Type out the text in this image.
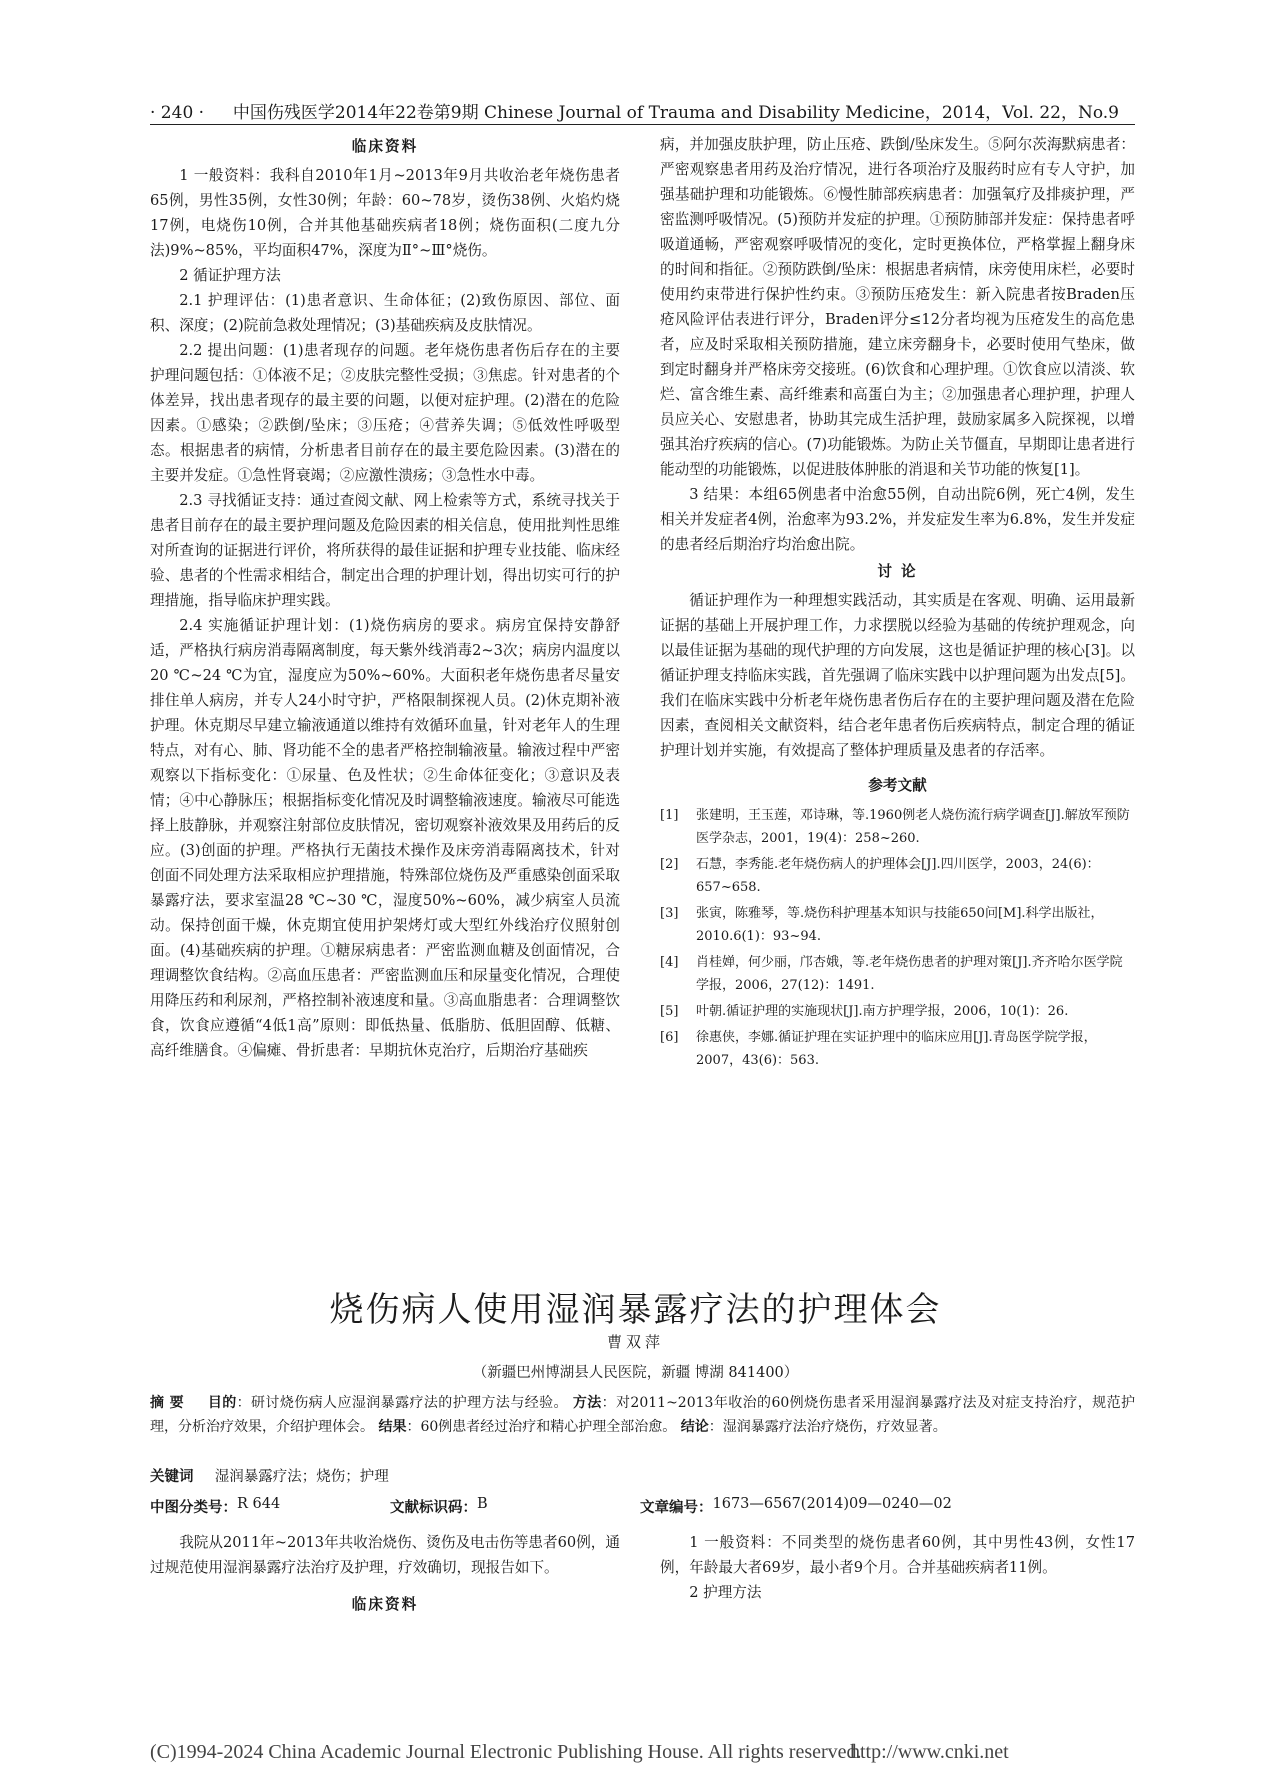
· 240 · 中国伤残医学2014年22卷第9期 Chinese Journal of Trauma and Disability Medicine，2014，Vol. 22，No.9
临床资料

1 一般资料：我科自2010年1月~2013年9月共收治老年烧伤患者65例，男性35例，女性30例；年龄：60~78岁，烫伤38例、火焰灼烧17例，电烧伤10例，合并其他基础疾病者18例；烧伤面积(二度九分法)9%~85%，平均面积47%，深度为Ⅱ°~Ⅲ°烧伤。

2 循证护理方法

2.1 护理评估：(1)患者意识、生命体征；(2)致伤原因、部位、面积、深度；(2)院前急救处理情况；(3)基础疾病及皮肤情况。

2.2 提出问题：(1)患者现存的问题。老年烧伤患者伤后存在的主要护理问题包括：①体液不足；②皮肤完整性受损；③焦虑。针对患者的个体差异，找出患者现存的最主要的问题，以便对症护理。(2)潜在的危险因素。①感染；②跌倒/坠床；③压疮；④营养失调；⑤低效性呼吸型态。根据患者的病情，分析患者目前存在的最主要危险因素。(3)潜在的主要并发症。①急性肾衰竭；②应激性溃疡；③急性水中毒。

2.3 寻找循证支持：通过查阅文献、网上检索等方式，系统寻找关于患者目前存在的最主要护理问题及危险因素的相关信息，使用批判性思维对所查询的证据进行评价，将所获得的最佳证据和护理专业技能、临床经验、患者的个性需求相结合，制定出合理的护理计划，得出切实可行的护理措施，指导临床护理实践。

2.4 实施循证护理计划：(1)烧伤病房的要求。病房宜保持安静舒适，严格执行病房消毒隔离制度，每天紫外线消毒2~3次；病房内温度以20 ℃~24 ℃为宜，湿度应为50%~60%。大面积老年烧伤患者尽量安排住单人病房，并专人24小时守护，严格限制探视人员。(2)休克期补液护理。休克期尽早建立输液通道以维持有效循环血量，针对老年人的生理特点，对有心、肺、肾功能不全的患者严格控制输液量。输液过程中严密观察以下指标变化：①尿量、色及性状；②生命体征变化；③意识及表情；④中心静脉压；根据指标变化情况及时调整输液速度。输液尽可能选择上肢静脉，并观察注射部位皮肤情况，密切观察补液效果及用药后的反应。(3)创面的护理。严格执行无菌技术操作及床旁消毒隔离技术，针对创面不同处理方法采取相应护理措施，特殊部位烧伤及严重感染创面采取暴露疗法，要求室温28 ℃~30 ℃，湿度50%~60%，减少病室人员流动。保持创面干燥，休克期宜使用护架烤灯或大型红外线治疗仪照射创面。(4)基础疾病的护理。①糖尿病患者：严密监测血糖及创面情况，合理调整饮食结构。②高血压患者：严密监测血压和尿量变化情况，合理使用降压药和利尿剂，严格控制补液速度和量。③高血脂患者：合理调整饮食，饮食应遵循“4低1高”原则：即低热量、低脂肪、低胆固醇、低糖、高纤维膳食。④偏瘫、骨折患者：早期抗休克治疗，后期治疗基础疾

病，并加强皮肤护理，防止压疮、跌倒/坠床发生。⑤阿尔茨海默病患者：严密观察患者用药及治疗情况，进行各项治疗及服药时应有专人守护，加强基础护理和功能锻炼。⑥慢性肺部疾病患者：加强氧疗及排痰护理，严密监测呼吸情况。(5)预防并发症的护理。①预防肺部并发症：保持患者呼吸道通畅，严密观察呼吸情况的变化，定时更换体位，严格掌握上翻身床的时间和指征。②预防跌倒/坠床：根据患者病情，床旁使用床栏，必要时使用约束带进行保护性约束。③预防压疮发生：新入院患者按Braden压疮风险评估表进行评分，Braden评分≤12分者均视为压疮发生的高危患者，应及时采取相关预防措施，建立床旁翻身卡，必要时使用气垫床，做到定时翻身并严格床旁交接班。(6)饮食和心理护理。①饮食应以清淡、软烂、富含维生素、高纤维素和高蛋白为主；②加强患者心理护理，护理人员应关心、安慰患者，协助其完成生活护理，鼓励家属多入院探视，以增强其治疗疾病的信心。(7)功能锻炼。为防止关节僵直，早期即让患者进行能动型的功能锻炼，以促进肢体肿胀的消退和关节功能的恢复[1]。

3 结果：本组65例患者中治愈55例，自动出院6例，死亡4例，发生相关并发症者4例，治愈率为93.2%，并发症发生率为6.8%，发生并发症的患者经后期治疗均治愈出院。

讨 论

循证护理作为一种理想实践活动，其实质是在客观、明确、运用最新证据的基础上开展护理工作，力求摆脱以经验为基础的传统护理观念，向以最佳证据为基础的现代护理的方向发展，这也是循证护理的核心[3]。以循证护理支持临床实践，首先强调了临床实践中以护理问题为出发点[5]。我们在临床实践中分析老年烧伤患者伤后存在的主要护理问题及潜在危险因素，查阅相关文献资料，结合老年患者伤后疾病特点，制定合理的循证护理计划并实施，有效提高了整体护理质量及患者的存活率。

参考文献
[1]	张建明，王玉莲，邓诗琳，等.1960例老人烧伤流行病学调查[J].解放军预防医学杂志，2001，19(4)：258~260.
[2]	石慧，李秀能.老年烧伤病人的护理体会[J].四川医学，2003，24(6)：657~658.
[3]	张寅，陈雅琴，等.烧伤科护理基本知识与技能650问[M].科学出版社，2010.6(1)：93~94.
[4]	肖桂婵，何少丽，邝杏娥，等.老年烧伤患者的护理对策[J].齐齐哈尔医学院学报，2006，27(12)：1491.
[5]	叶朝.循证护理的实施现状[J].南方护理学报，2006，10(1)：26.
[6]	徐惠侠，李娜.循证护理在实证护理中的临床应用[J].青岛医学院学报，2007，43(6)：563.
烧伤病人使用湿润暴露疗法的护理体会
曹双萍
（新疆巴州博湖县人民医院，新疆 博湖 841400）
摘 要 目的：研讨烧伤病人应湿润暴露疗法的护理方法与经验。 方法：对2011~2013年收治的60例烧伤患者采用湿润暴露疗法及对症支持治疗，规范护理，分析治疗效果，介绍护理体会。 结果：60例患者经过治疗和精心护理全部治愈。 结论：湿润暴露疗法治疗烧伤，疗效显著。
关键词 湿润暴露疗法；烧伤；护理
中图分类号： R 644	文献标识码： B	文章编号： 1673—6567(2014)09—0240—02

我院从2011年~2013年共收治烧伤、烫伤及电击伤等患者60例，通过规范使用湿润暴露疗法治疗及护理，疗效确切，现报告如下。

临床资料

1 一般资料：不同类型的烧伤患者60例，其中男性43例，女性17例，年龄最大者69岁，最小者9个月。合并基础疾病者11例。

2 护理方法

(C)1994-2024 China Academic Journal Electronic Publishing House. All rights reserved.
http://www.cnki.net
